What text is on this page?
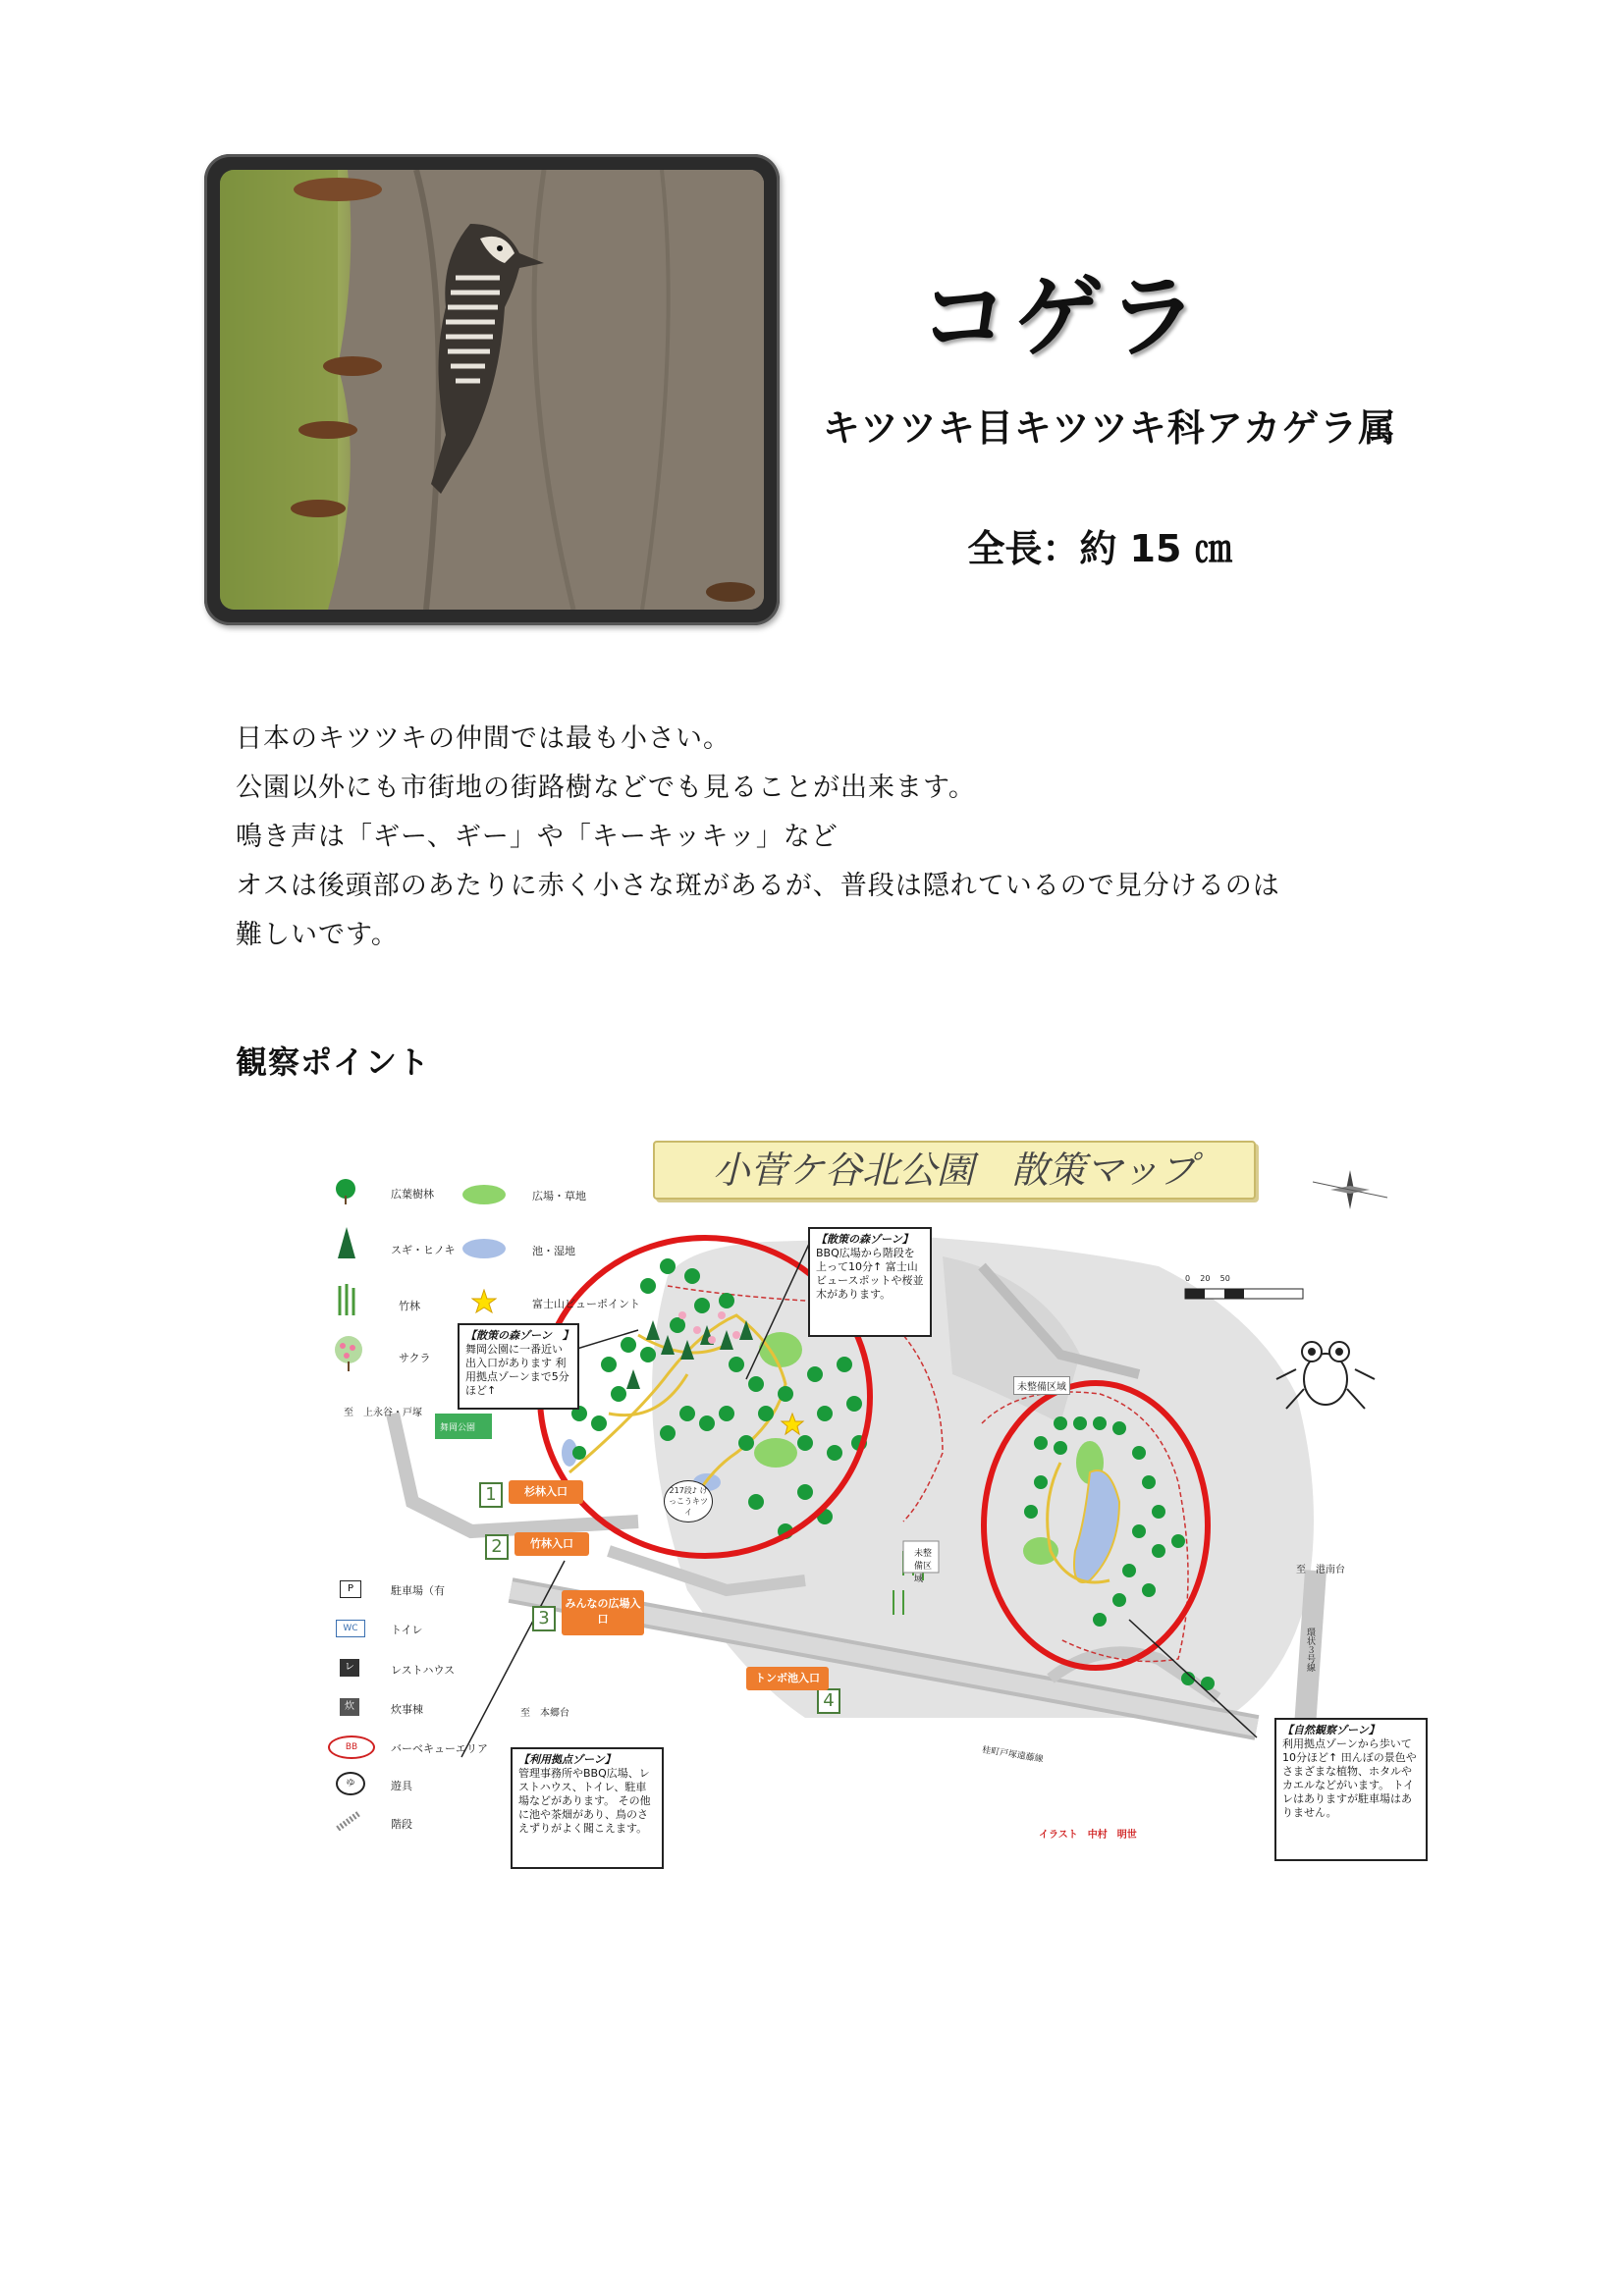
コゲラ
キツツキ目キツツキ科アカゲラ属
全長：約 15 ㎝
日本のキツツキの仲間では最も小さい。
公園以外にも市街地の街路樹などでも見ることが出来ます。
鳴き声は「ギー、ギー」や「キーキッキッ」など
オスは後頭部のあたりに赤く小さな斑があるが、普段は隠れているので見分けるのは
難しいです。
観察ポイント
小菅ケ谷北公園　散策マップ
広葉樹林
スギ・ヒノキ
竹林
サクラ
広場・草地
池・湿地
富士山ビューポイント
至　上永谷・戸塚
舞岡公園
P	駐車場（有
WC	トイレ
レ	レストハウス
炊	炊事棟
BB	バーベキューエリア
ゆ	遊具
階段
【散策の森ゾーン】
BBQ広場から階段を上って10分↑ 富士山ビュースポットや桜並木があります。
【散策の森ゾーン　】
舞岡公園に一番近い出入口があります 利用拠点ゾーンまで5分ほど↑
【利用拠点ゾーン】
管理事務所やBBQ広場、レストハウス、トイレ、駐車場などがあります。 その他に池や茶畑があり、鳥のさえずりがよく聞こえます。
【自然観察ゾーン】
利用拠点ゾーンから歩いて10分ほど↑ 田んぼの景色やさまざまな植物、ホタルやカエルなどがいます。 トイレはありますが駐車場はありません。
1	杉林入口
2	竹林入口
3
みんなの広場入口
4
トンボ池入口
未整備区域
未整備区域
至　本郷台
至　港南台
桂町戸塚遠藤線
環状３号線
217段♪ けっこうキツイ
イラスト　中村　明世
0    20    50
